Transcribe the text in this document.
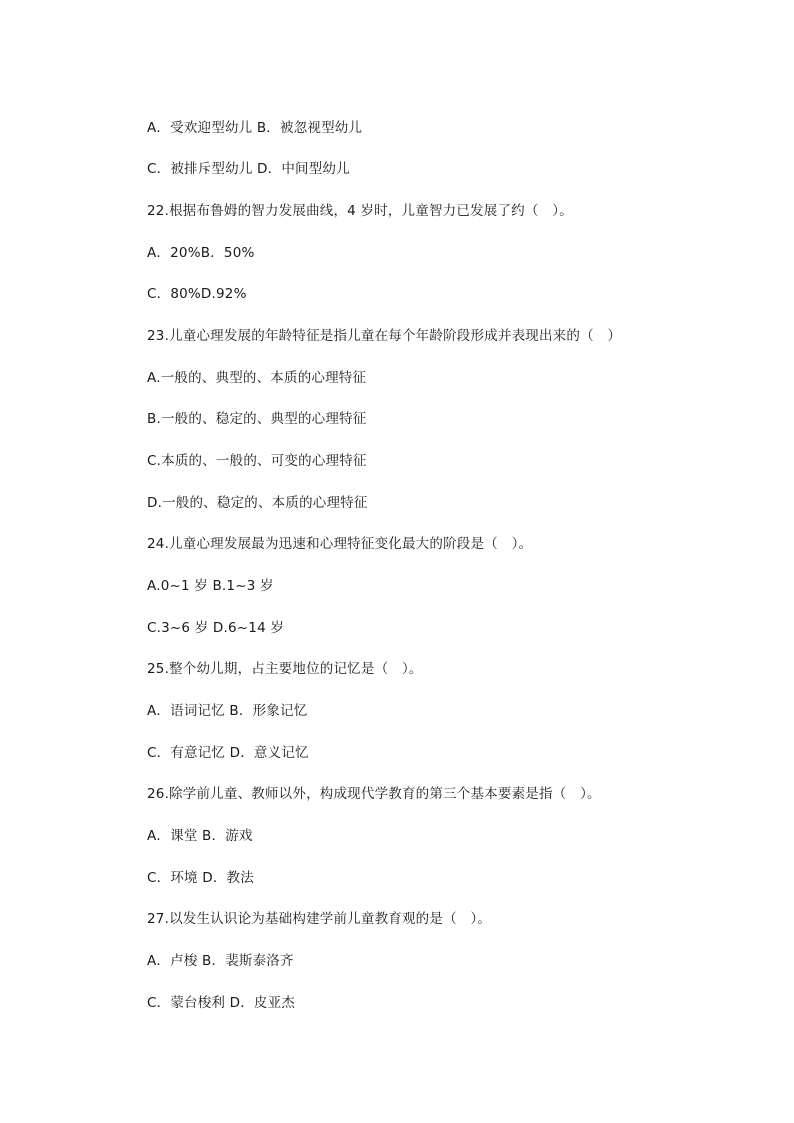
A．受欢迎型幼儿 B．被忽视型幼儿
C．被排斥型幼儿 D．中间型幼儿
22.根据布鲁姆的智力发展曲线，4 岁时，儿童智力已发展了约（　）。
A．20%B．50%
C．80%D.92%
23.儿童心理发展的年龄特征是指儿童在每个年龄阶段形成并表现出来的（　）
A.一般的、典型的、本质的心理特征
B.一般的、稳定的、典型的心理特征
C.本质的、一般的、可变的心理特征
D.一般的、稳定的、本质的心理特征
24.儿童心理发展最为迅速和心理特征变化最大的阶段是（　）。
A.0~1 岁 B.1~3 岁
C.3~6 岁 D.6~14 岁
25.整个幼儿期，占主要地位的记忆是（　）。
A．语词记忆 B．形象记忆
C．有意记忆 D．意义记忆
26.除学前儿童、教师以外，构成现代学教育的第三个基本要素是指（　）。
A．课堂 B．游戏
C．环境 D．教法
27.以发生认识论为基础构建学前儿童教育观的是（　）。
A．卢梭 B．裴斯泰洛齐
C．蒙台梭利 D．皮亚杰
